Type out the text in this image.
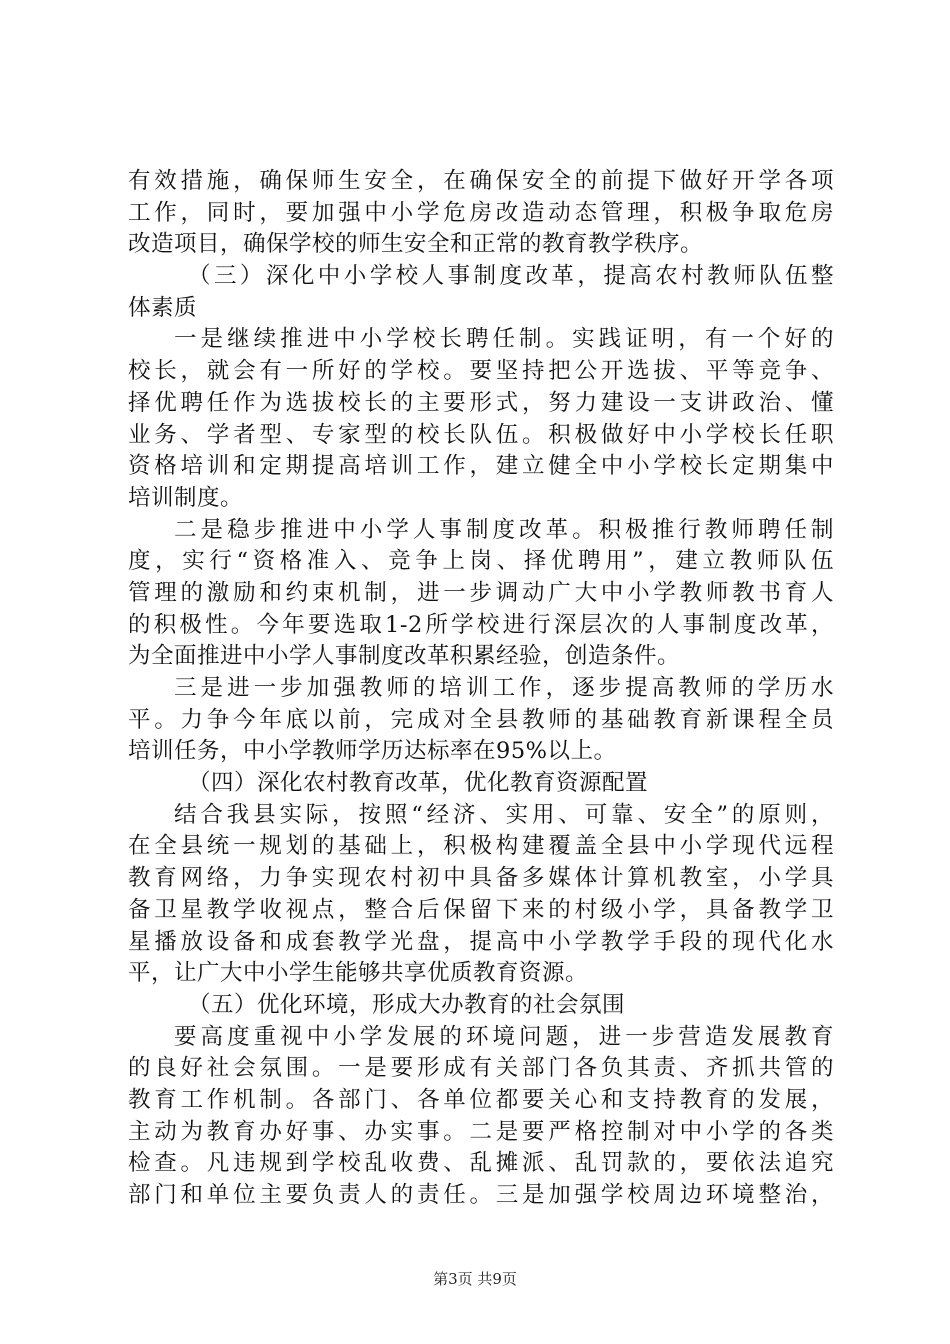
有效措施，确保师生安全，在确保安全的前提下做好开学各项
工作，同时，要加强中小学危房改造动态管理，积极争取危房
改造项目，确保学校的师生安全和正常的教育教学秩序。
（三）深化中小学校人事制度改革，提高农村教师队伍整
体素质
一是继续推进中小学校长聘任制。实践证明，有一个好的
校长，就会有一所好的学校。要坚持把公开选拔、平等竞争、
择优聘任作为选拔校长的主要形式，努力建设一支讲政治、懂
业务、学者型、专家型的校长队伍。积极做好中小学校长任职
资格培训和定期提高培训工作，建立健全中小学校长定期集中
培训制度。
二是稳步推进中小学人事制度改革。积极推行教师聘任制
度，实行“资格准入、竞争上岗、择优聘用”，建立教师队伍
管理的激励和约束机制，进一步调动广大中小学教师教书育人
的积极性。今年要选取1-2所学校进行深层次的人事制度改革，
为全面推进中小学人事制度改革积累经验，创造条件。
三是进一步加强教师的培训工作，逐步提高教师的学历水
平。力争今年底以前，完成对全县教师的基础教育新课程全员
培训任务，中小学教师学历达标率在95%以上。
（四）深化农村教育改革，优化教育资源配置
结合我县实际，按照“经济、实用、可靠、安全”的原则，
在全县统一规划的基础上，积极构建覆盖全县中小学现代远程
教育网络，力争实现农村初中具备多媒体计算机教室，小学具
备卫星教学收视点，整合后保留下来的村级小学，具备教学卫
星播放设备和成套教学光盘，提高中小学教学手段的现代化水
平，让广大中小学生能够共享优质教育资源。
（五）优化环境，形成大办教育的社会氛围
要高度重视中小学发展的环境问题，进一步营造发展教育
的良好社会氛围。一是要形成有关部门各负其责、齐抓共管的
教育工作机制。各部门、各单位都要关心和支持教育的发展，
主动为教育办好事、办实事。二是要严格控制对中小学的各类
检查。凡违规到学校乱收费、乱摊派、乱罚款的，要依法追究
部门和单位主要负责人的责任。三是加强学校周边环境整治，
第3页 共9页
